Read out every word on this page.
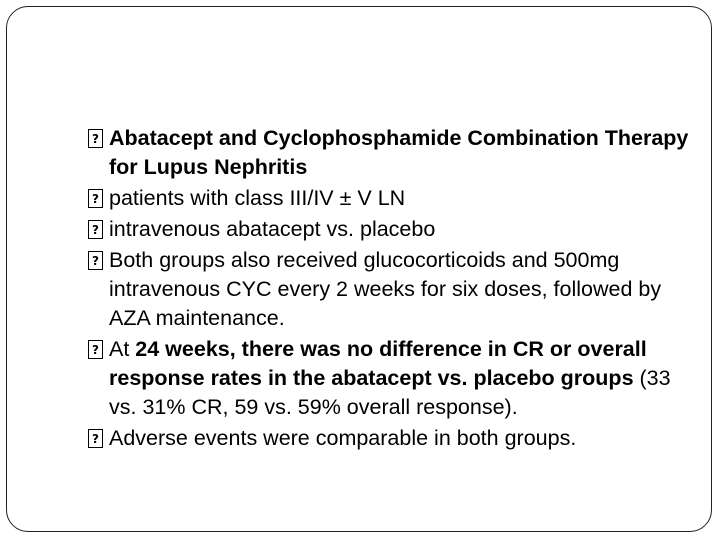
?
Abatacept and Cyclophosphamide Combination Therapy for Lupus Nephritis
?
patients with class III/IV ± V LN
?
intravenous abatacept vs. placebo
?
Both groups also received glucocorticoids and 500mg intravenous CYC every 2 weeks for six doses, followed by AZA maintenance.
?
At 24 weeks, there was no difference in CR or overall response rates in the abatacept vs. placebo groups (33 vs. 31% CR, 59 vs. 59% overall response).
?
Adverse events were comparable in both groups.
